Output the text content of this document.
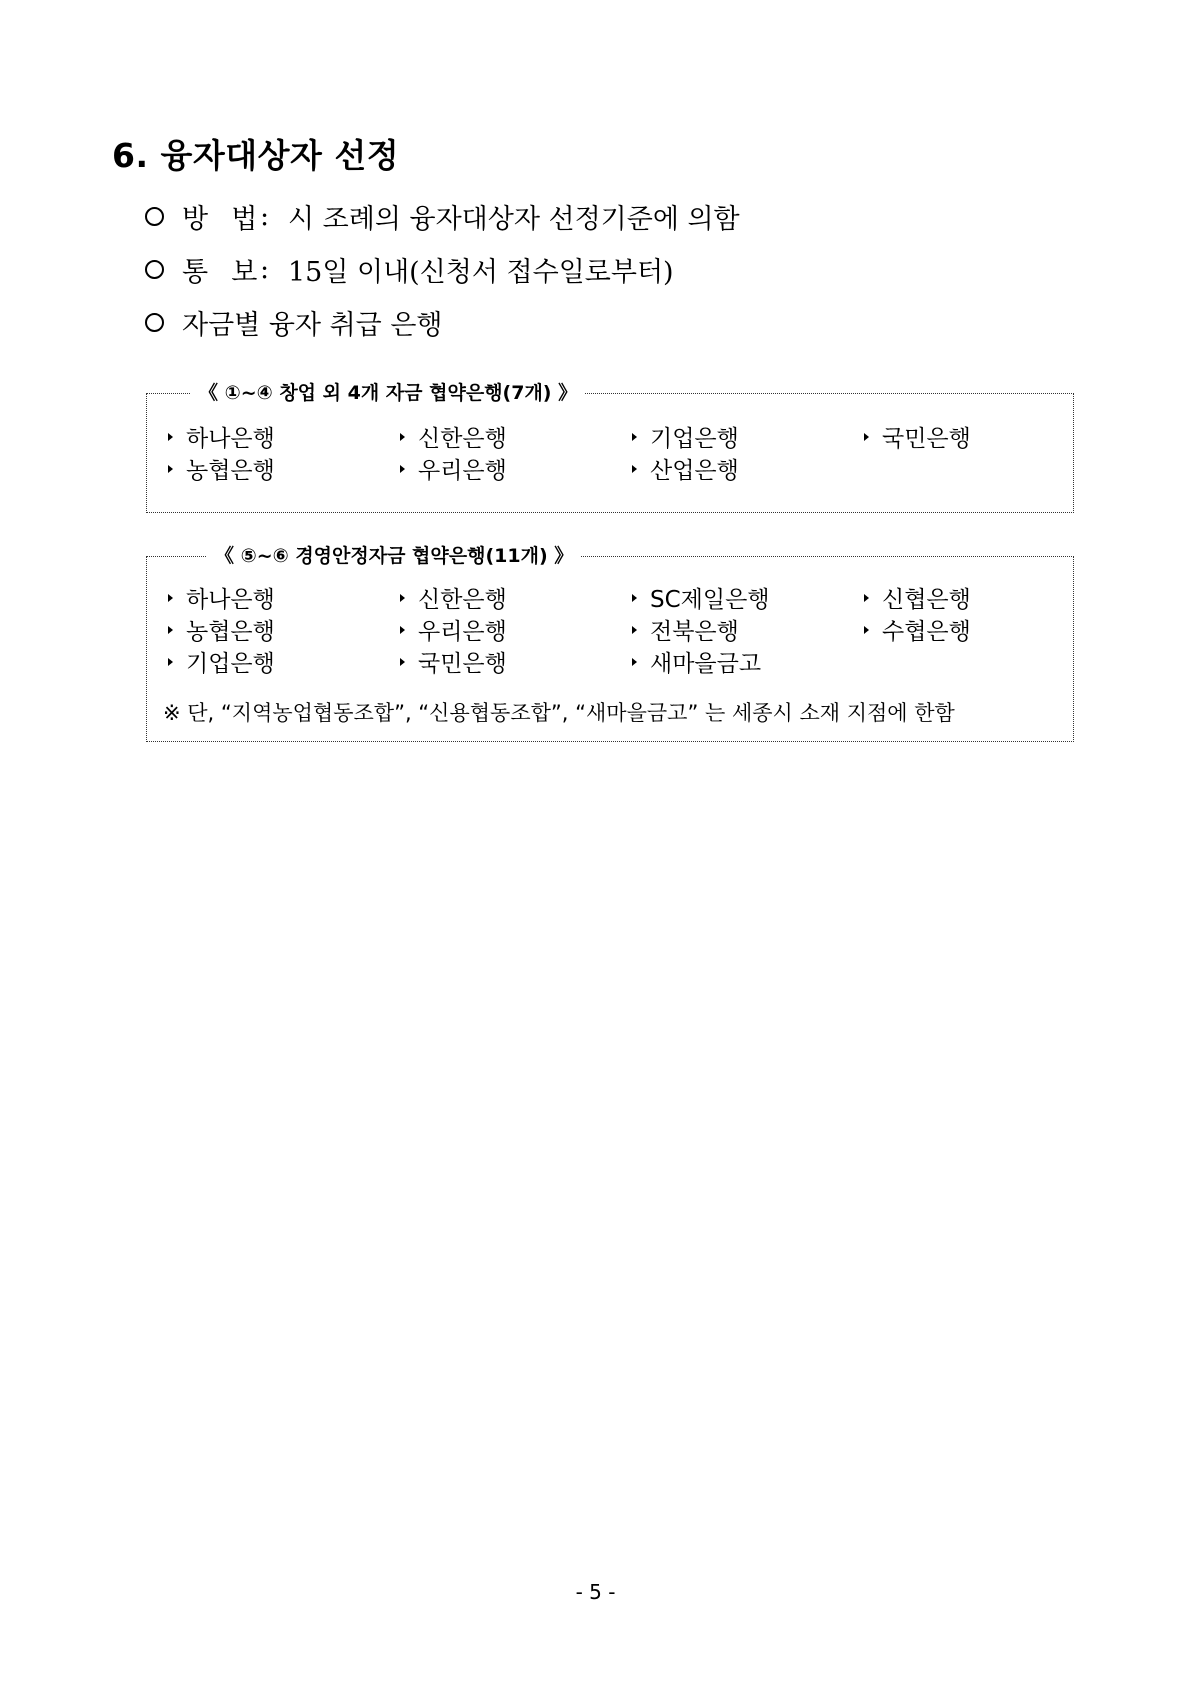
6. 융자대상자 선정
방  법 : 시 조례의 융자대상자 선정기준에 의함
통  보 : 15일 이내(신청서 접수일로부터)
자금별 융자 취급 은행
《 ①~④ 창업 외 4개 자금 협약은행(7개) 》
하나은행	신한은행	기업은행	국민은행
농협은행	우리은행	산업은행
《 ⑤~⑥ 경영안정자금 협약은행(11개) 》
하나은행	신한은행	SC제일은행	신협은행
농협은행	우리은행	전북은행	수협은행
기업은행	국민은행	새마을금고
※ 단, “지역농업협동조합”, “신용협동조합”, “새마을금고” 는 세종시 소재 지점에 한함
- 5 -
